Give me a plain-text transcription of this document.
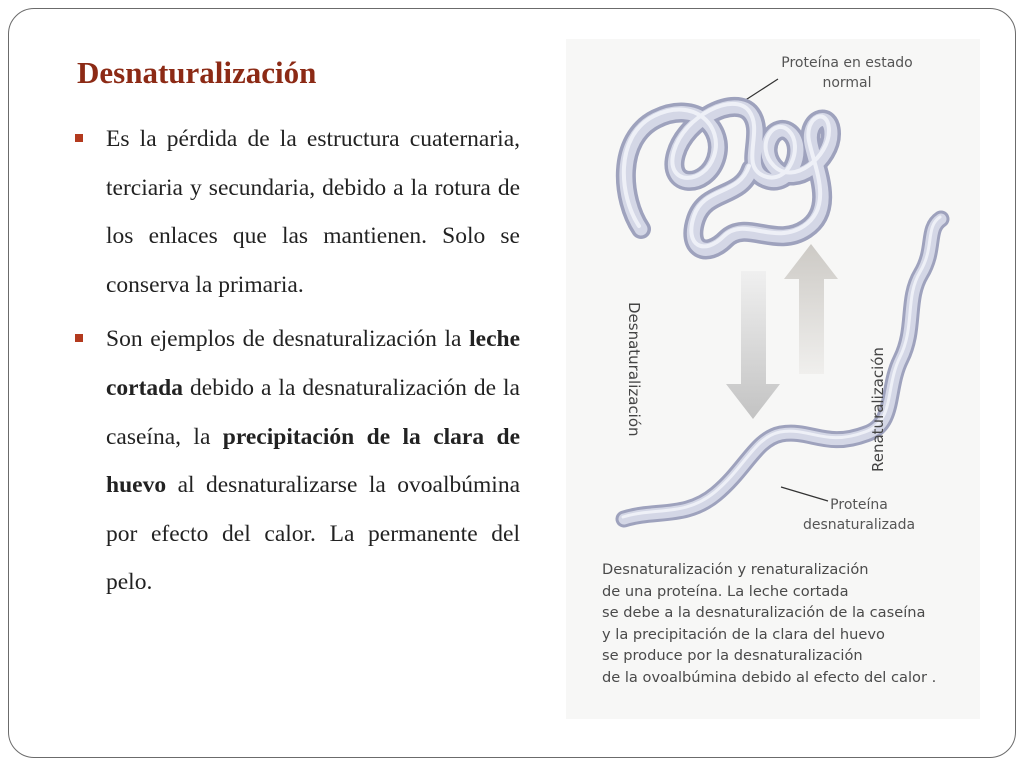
Desnaturalización
Es la pérdida de la estructura cuaternaria, terciaria y secundaria, debido a la rotura de los enlaces que las mantienen. Solo se conserva la primaria.
Son ejemplos de desnaturalización la leche cortada debido a la desnaturalización de la caseína, la precipitación de la clara de huevo al desnaturalizarse la ovoalbúmina por efecto del calor. La permanente del pelo.
Proteína en estado normal
Proteína desnaturalizada
Desnaturalización	Renaturalización
Desnaturalización y renaturalización
de una proteína. La leche cortada
se debe a la desnaturalización de la caseína
y la precipitación de la clara del huevo
se produce por la desnaturalización
de la ovoalbúmina debido al efecto del calor .
